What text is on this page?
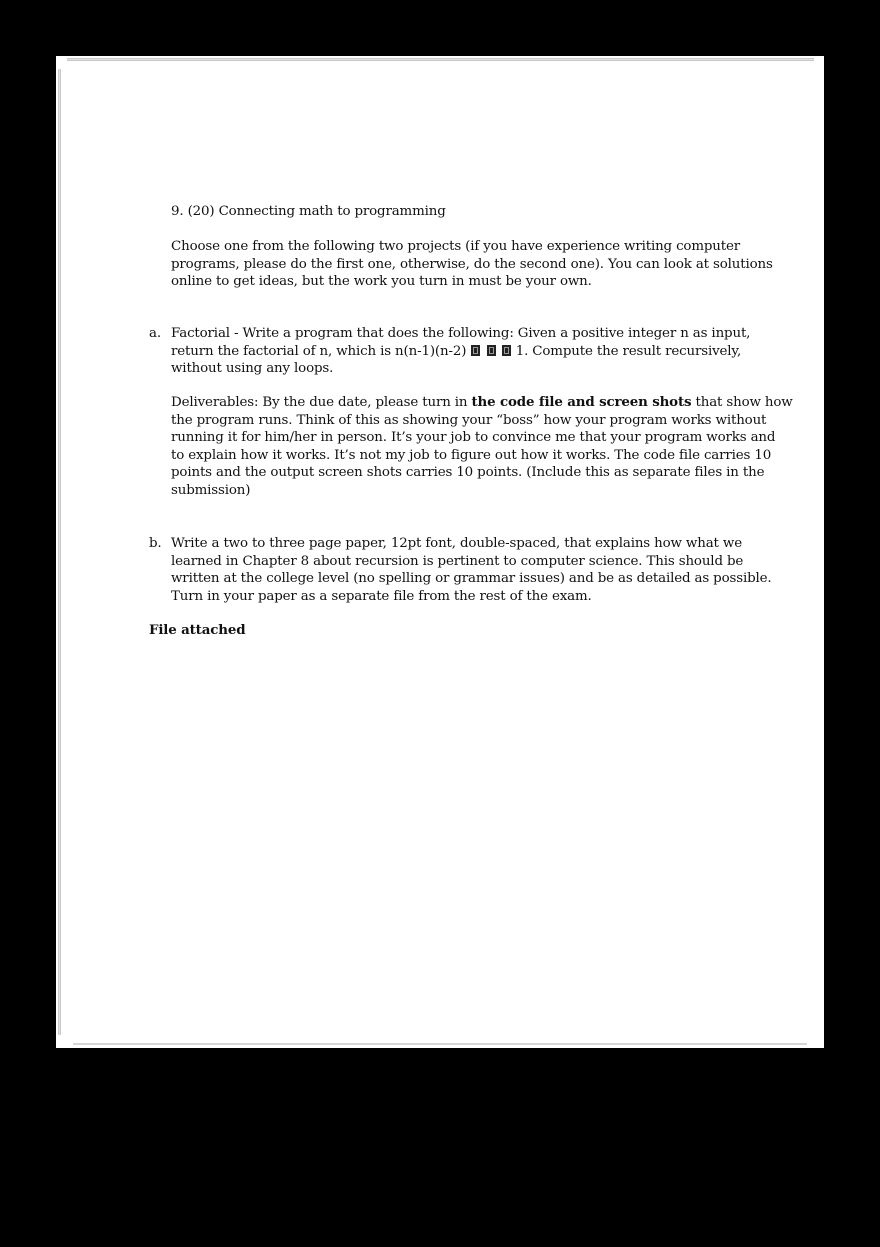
9. (20) Connecting math to programming
Choose one from the following two projects (if you have experience writing computer
programs, please do the first one, otherwise, do the second one). You can look at solutions
online to get ideas, but the work you turn in must be your own.
a. Factorial - Write a program that does the following: Given a positive integer n as input,
return the factorial of n, which is n(n-1)(n-2)	1. Compute the result recursively,
without using any loops.
Deliverables: By the due date, please turn in the code file and screen shots that show how
the program runs. Think of this as showing your “boss” how your program works without
running it for him/her in person. It’s your job to convince me that your program works and
to explain how it works. It’s not my job to figure out how it works. The code file carries 10
points and the output screen shots carries 10 points. (Include this as separate files in the
submission)
b. Write a two to three page paper, 12pt font, double-spaced, that explains how what we
learned in Chapter 8 about recursion is pertinent to computer science. This should be
written at the college level (no spelling or grammar issues) and be as detailed as possible.
Turn in your paper as a separate file from the rest of the exam.
File attached
